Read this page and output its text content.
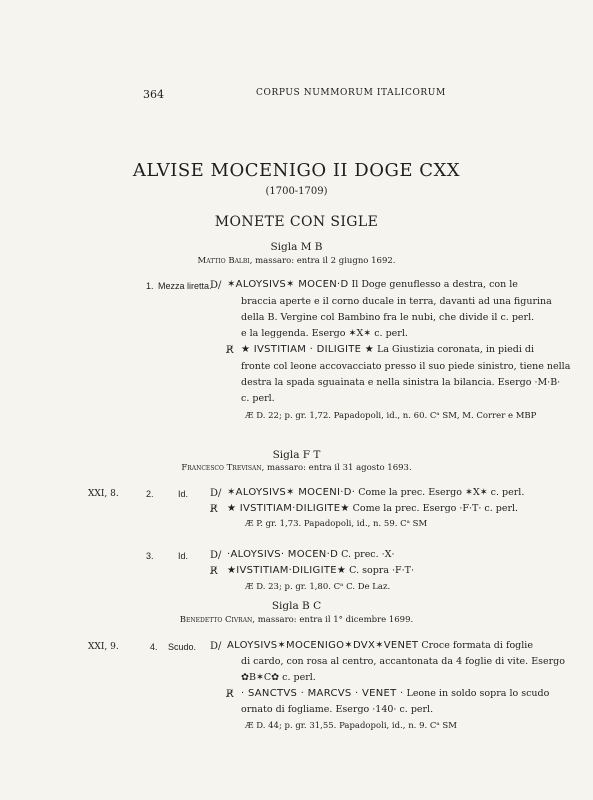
364	CORPUS NUMMORUM ITALICORUM
ALVISE MOCENIGO II DOGE CXX
(1700-1709)
MONETE CON SIGLE
Sigla M B
Mattio Balbi, massaro: entra il 2 giugno 1692.
1. Mezza liretta.
D/ ✶ALOYSIVS✶ MOCEN·D Il Doge genuflesso a destra, con le
braccia aperte e il corno ducale in terra, davanti ad una figurina
della B. Vergine col Bambino fra le nubi, che divide il c. perl.
e la leggenda. Esergo ✶X✶ c. perl.
R̸ ★ IVSTITIAM · DILIGITE ★ La Giustizia coronata, in piedi di
fronte col leone accovacciato presso il suo piede sinistro, tiene nella
destra la spada sguainata e nella sinistra la bilancia. Esergo ·M·B·
c. perl.
Æ D. 22; p. gr. 1,72. Papadopoli, id., n. 60. Cᵃ SM, M. Correr e MBP
Sigla F T
Francesco Trevisan, massaro: entra il 31 agosto 1693.
XXI, 8.	2.	Id. D/ ✶ALOYSIVS✶ MOCENI·D· Come la prec. Esergo ✶X✶ c. perl.
R̸ ★ IVSTITIAM·DILIGITE★ Come la prec. Esergo ·F·T· c. perl.
Æ P. gr. 1,73. Papadopoli, id., n. 59. Cᵃ SM
3.	Id. D/ ·ALOYSIVS· MOCEN·D C. prec. ·X·
R̸ ★IVSTITIAM·DILIGITE★ C. sopra ·F·T·
Æ D. 23; p. gr. 1,80. Cᵃ C. De Laz.
Sigla B C
Benedetto Civran, massaro: entra il 1° dicembre 1699.
XXI, 9.	4. Scudo. D/ ALOYSIVS✶MOCENIGO✶DVX✶VENET Croce formata di foglie
di cardo, con rosa al centro, accantonata da 4 foglie di vite. Esergo
✿B✶C✿ c. perl.
R̸ · SANCTVS · MARCVS · VENET · Leone in soldo sopra lo scudo
ornato di fogliame. Esergo ·140· c. perl.
Æ D. 44; p. gr. 31,55. Papadopoli, id., n. 9. Cᵃ SM
